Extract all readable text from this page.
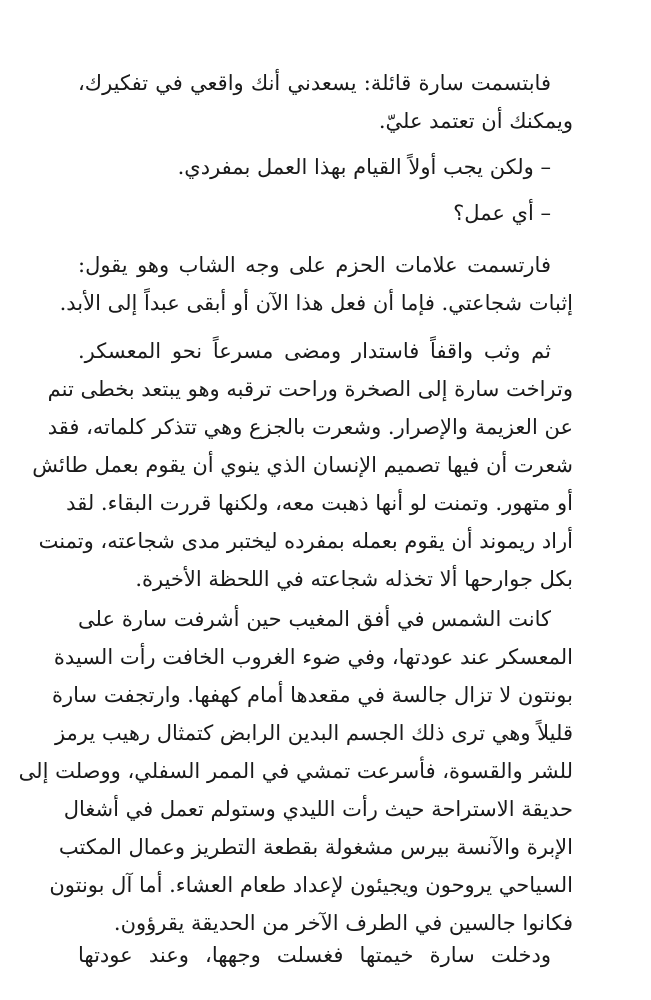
فابتسمت سارة قائلة: يسعدني أنك واقعي في تفكيرك،
ويمكنك أن تعتمد عليّ.
– ولكن يجب أولاً القيام بهذا العمل بمفردي.
– أي عمل؟
فارتسمت علامات الحزم على وجه الشاب وهو يقول:
إثبات شجاعتي. فإما أن فعل هذا الآن أو أبقى عبداً إلى الأبد.
ثم وثب واقفاً فاستدار ومضى مسرعاً نحو المعسكر.
وتراخت سارة إلى الصخرة وراحت ترقبه وهو يبتعد بخطى تنم
عن العزيمة والإصرار. وشعرت بالجزع وهي تتذكر كلماته، فقد
شعرت أن فيها تصميم الإنسان الذي ينوي أن يقوم بعمل طائش
أو متهور. وتمنت لو أنها ذهبت معه، ولكنها قررت البقاء. لقد
أراد ريموند أن يقوم بعمله بمفرده ليختبر مدى شجاعته، وتمنت
بكل جوارحها ألا تخذله شجاعته في اللحظة الأخيرة.
كانت الشمس في أفق المغيب حين أشرفت سارة على
المعسكر عند عودتها، وفي ضوء الغروب الخافت رأت السيدة
بونتون لا تزال جالسة في مقعدها أمام كهفها. وارتجفت سارة
قليلاً وهي ترى ذلك الجسم البدين الرابض كتمثال رهيب يرمز
للشر والقسوة، فأسرعت تمشي في الممر السفلي، ووصلت إلى
حديقة الاستراحة حيث رأت الليدي وستولم تعمل في أشغال
الإبرة والآنسة بيرس مشغولة بقطعة التطريز وعمال المكتب
السياحي يروحون ويجيئون لإعداد طعام العشاء. أما آل بونتون
فكانوا جالسين في الطرف الآخر من الحديقة يقرؤون.
ودخلت سارة خيمتها فغسلت وجهها، وعند عودتها
